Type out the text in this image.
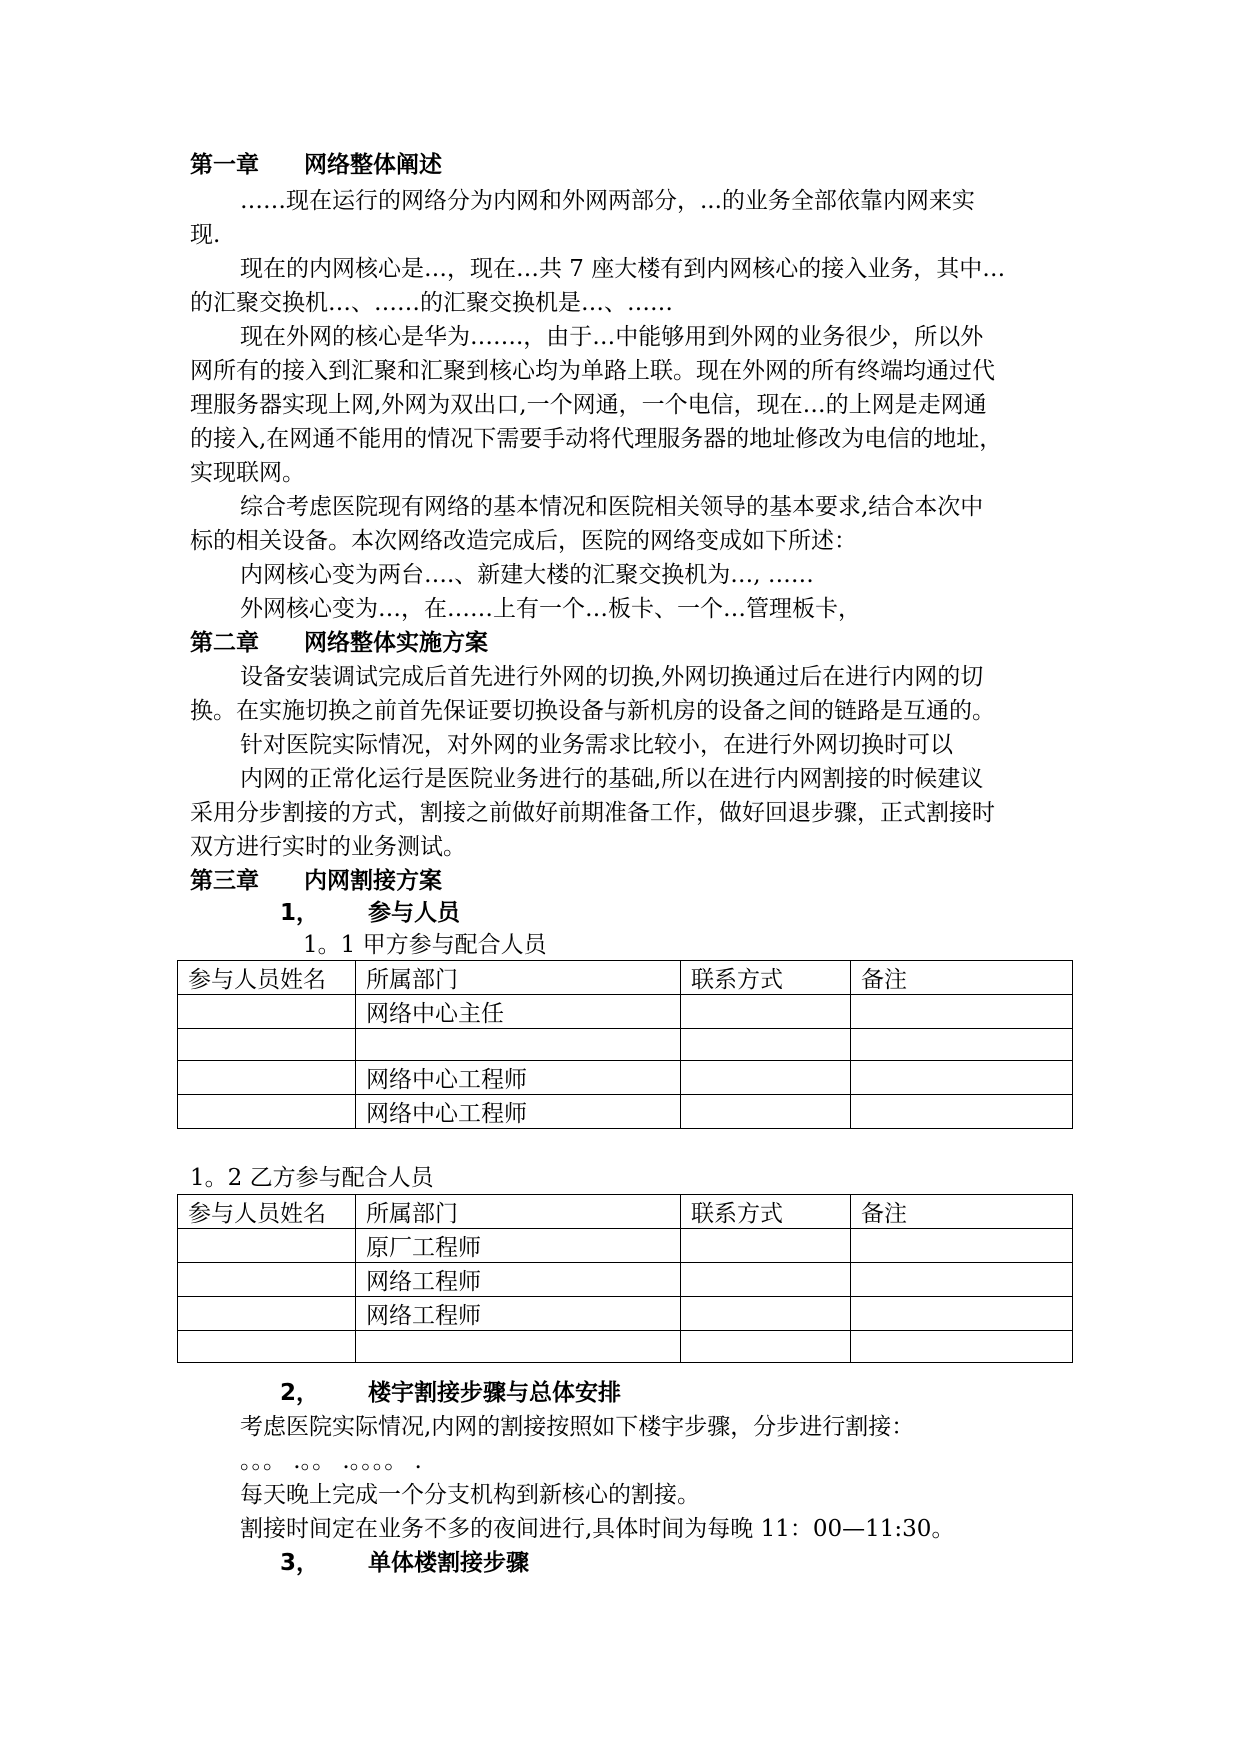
第一章 网络整体阐述
……现在运行的网络分为内网和外网两部分，...的业务全部依靠内网来实
现.
现在的内网核心是…，现在…共 7 座大楼有到内网核心的接入业务，其中…
的汇聚交换机…、……的汇聚交换机是…、……
现在外网的核心是华为…….，由于…中能够用到外网的业务很少，所以外
网所有的接入到汇聚和汇聚到核心均为单路上联。现在外网的所有终端均通过代
理服务器实现上网,外网为双出口,一个网通，一个电信，现在…的上网是走网通
的接入,在网通不能用的情况下需要手动将代理服务器的地址修改为电信的地址，
实现联网。
综合考虑医院现有网络的基本情况和医院相关领导的基本要求,结合本次中
标的相关设备。本次网络改造完成后，医院的网络变成如下所述：
内网核心变为两台….、新建大楼的汇聚交换机为…, ……
外网核心变为…，在……上有一个…板卡、一个…管理板卡，
第二章 网络整体实施方案
设备安装调试完成后首先进行外网的切换,外网切换通过后在进行内网的切
换。在实施切换之前首先保证要切换设备与新机房的设备之间的链路是互通的。
针对医院实际情况，对外网的业务需求比较小，在进行外网切换时可以
内网的正常化运行是医院业务进行的基础,所以在进行内网割接的时候建议
采用分步割接的方式，割接之前做好前期准备工作，做好回退步骤，正式割接时
双方进行实时的业务测试。
第三章 内网割接方案
1， 参与人员
1。1 甲方参与配合人员
参与人员姓名	所属部门	联系方式	备注
	网络中心主任		

	网络中心工程师		
	网络中心工程师		
1。2 乙方参与配合人员
参与人员姓名	所属部门	联系方式	备注
	原厂工程师		
	网络工程师		
	网络工程师		

2， 楼宇割接步骤与总体安排
考虑医院实际情况,内网的割接按照如下楼宇步骤，分步进行割接：
。。。 .。。 .。。。。 .
每天晚上完成一个分支机构到新核心的割接。
割接时间定在业务不多的夜间进行,具体时间为每晚 11：00—11:30。
3， 单体楼割接步骤
